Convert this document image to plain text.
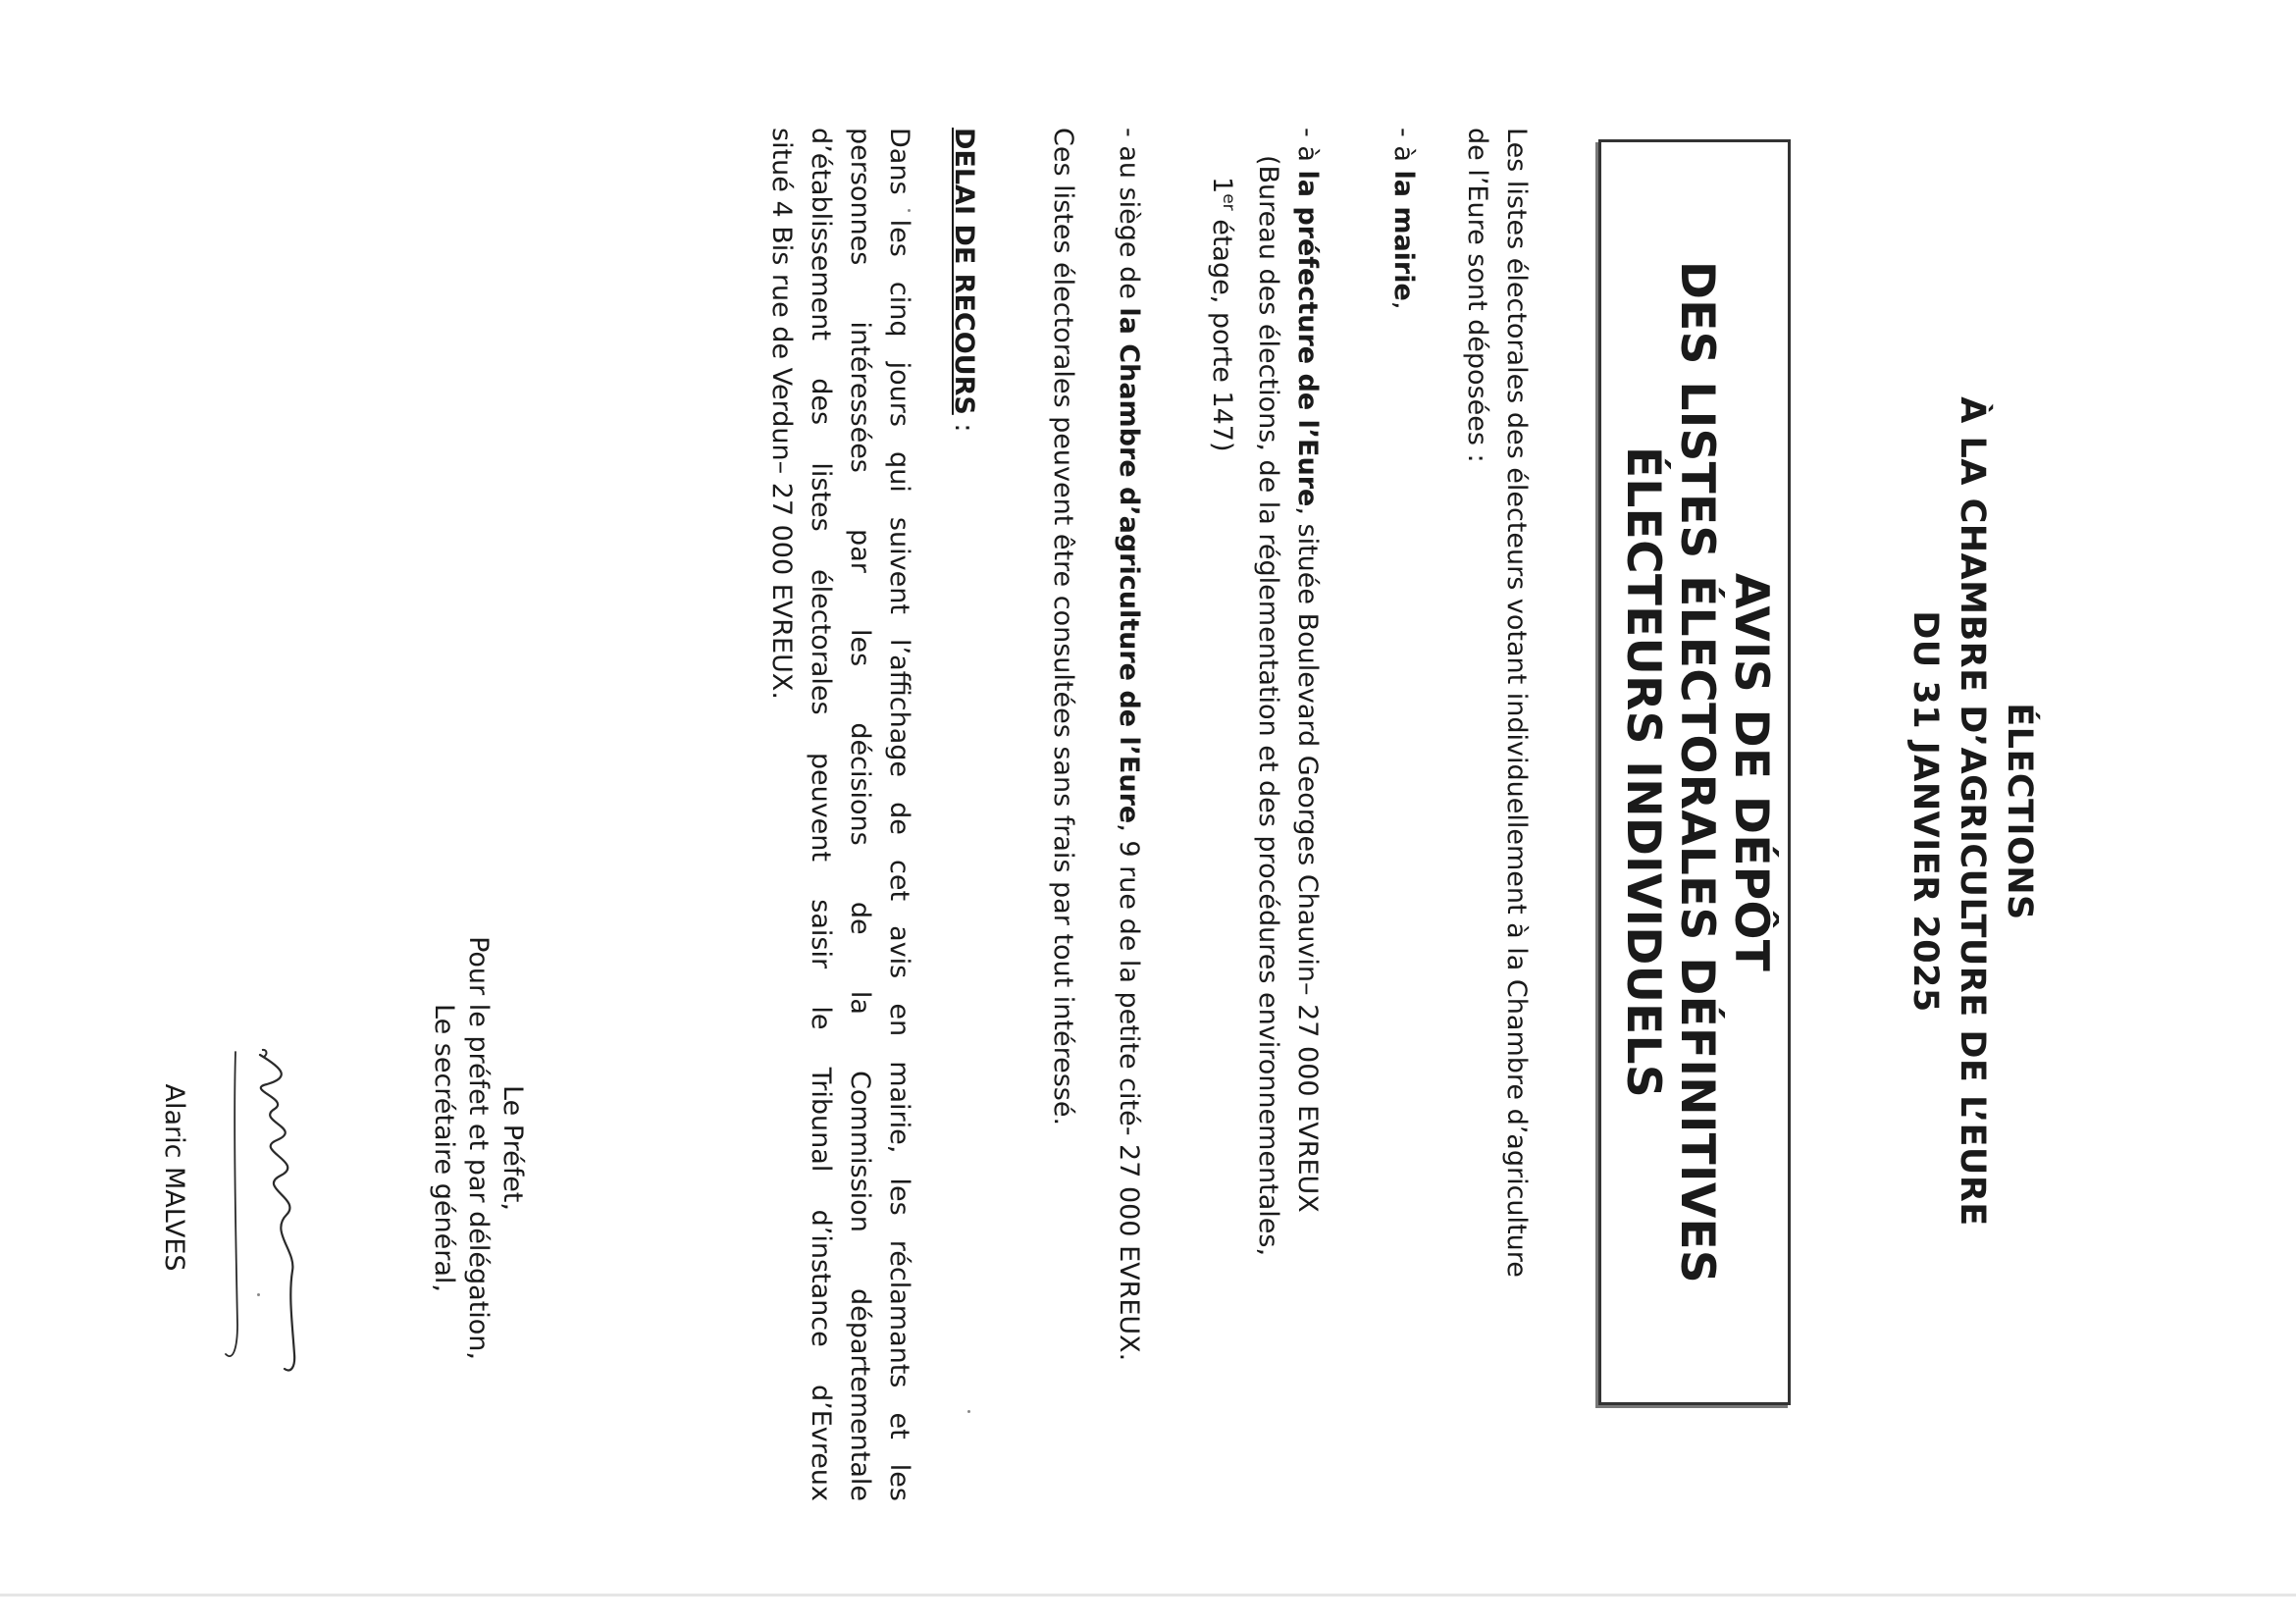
ÉLECTIONS
À LA CHAMBRE D’AGRICULTURE DE L’EURE
DU 31 JANVIER 2025
AVIS DE DÉPÔT
DES LISTES ÉLECTORALES DÉFINITIVES
ÉLECTEURS INDIVIDUELS
Les listes électorales des électeurs votant individuellement à la Chambre d’agriculture
de l’Eure sont déposées :
- à la mairie,
- à la préfecture de l’Eure, située Boulevard Georges Chauvin– 27 000 EVREUX
(Bureau des élections, de la réglementation et des procédures environnementales,
1er étage, porte 147)
- au siège de la Chambre d’agriculture de l’Eure, 9 rue de la petite cité- 27 000 EVREUX.
Ces listes électorales peuvent être consultées sans frais par tout intéressé.
DELAI DE RECOURS :
Dans les cinq jours qui suivent l’affichage de cet avis en mairie, les réclamants et les
personnes intéressées par les décisions de la Commission départementale
d’établissement des listes électorales peuvent saisir le Tribunal d’instance d’Evreux
situé 4 Bis rue de Verdun– 27 000 EVREUX.
Le Préfet,
Pour le préfet et par délégation,
Le secrétaire général,
Alaric MALVES
